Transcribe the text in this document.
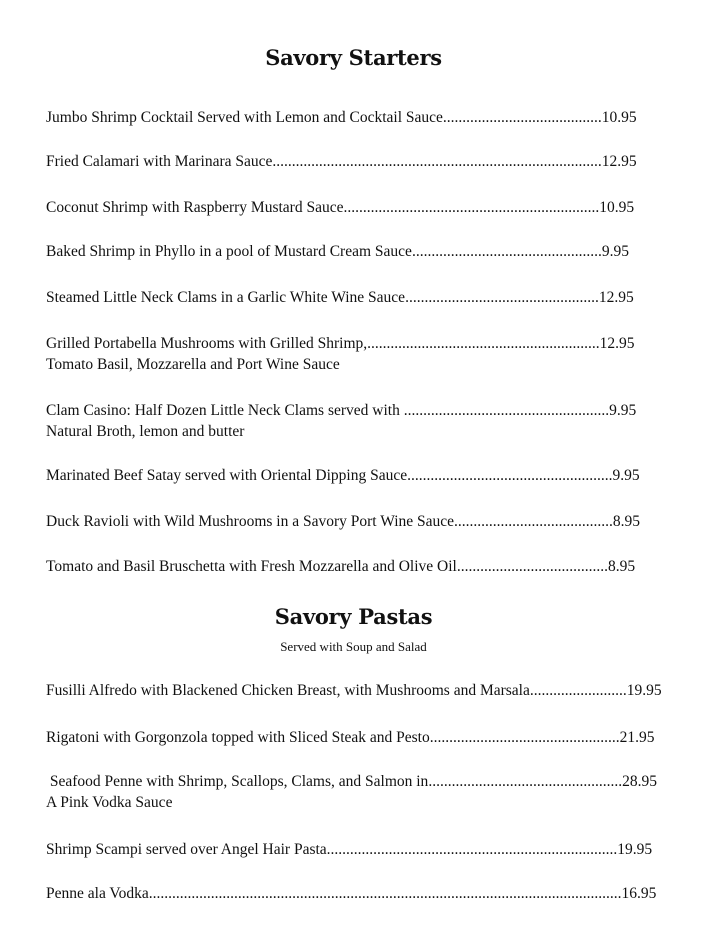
Savory Starters
Jumbo Shrimp Cocktail Served with Lemon and Cocktail Sauce.........................................10.95
Fried Calamari with Marinara Sauce.....................................................................................12.95
Coconut Shrimp with Raspberry Mustard Sauce..................................................................10.95
Baked Shrimp in Phyllo in a pool of Mustard Cream Sauce.................................................9.95
Steamed Little Neck Clams in a Garlic White Wine Sauce..................................................12.95
Grilled Portabella Mushrooms with Grilled Shrimp,............................................................12.95
Tomato Basil, Mozzarella and Port Wine Sauce
Clam Casino: Half Dozen Little Neck Clams served with .....................................................9.95
Natural Broth, lemon and butter
Marinated Beef Satay served with Oriental Dipping Sauce.....................................................9.95
Duck Ravioli with Wild Mushrooms in a Savory Port Wine Sauce.........................................8.95
Tomato and Basil Bruschetta with Fresh Mozzarella and Olive Oil.......................................8.95
Savory Pastas
Served with Soup and Salad
Fusilli Alfredo with Blackened Chicken Breast, with Mushrooms and Marsala.........................19.95
Rigatoni with Gorgonzola topped with Sliced Steak and Pesto.................................................21.95
Seafood Penne with Shrimp, Scallops, Clams, and Salmon in..................................................28.95
A Pink Vodka Sauce
Shrimp Scampi served over Angel Hair Pasta...........................................................................19.95
Penne ala Vodka..........................................................................................................................16.95
